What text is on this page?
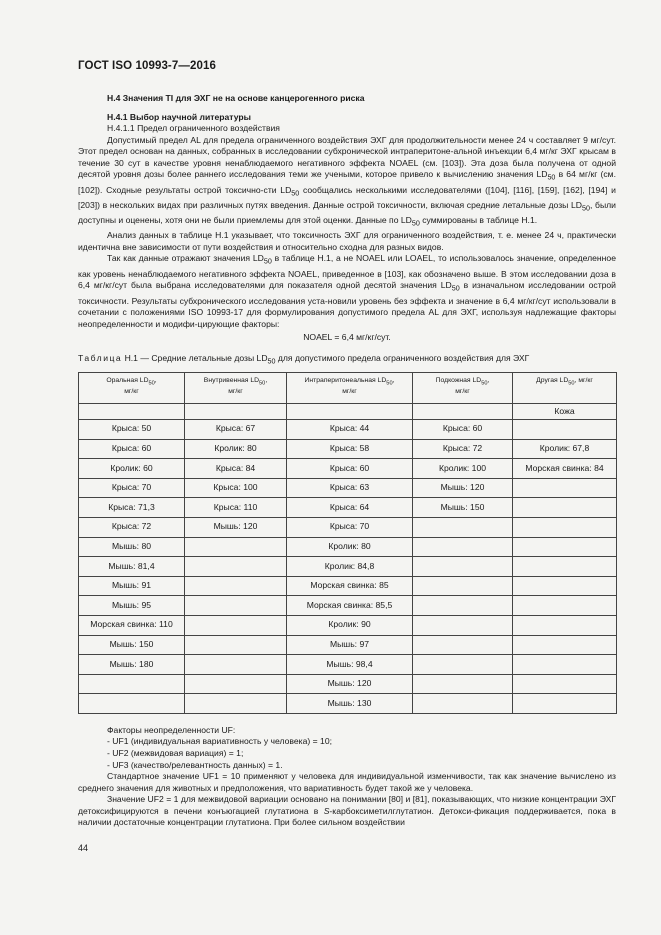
ГОСТ ISO 10993-7—2016

Н.4 Значения TI для ЭХГ не на основе канцерогенного риска

Н.4.1 Выбор научной литературы

Н.4.1.1 Предел ограниченного воздействия

Допустимый предел AL для предела ограниченного воздействия ЭХГ для продолжительности менее 24 ч составляет 9 мг/сут. Этот предел основан на данных, собранных в исследовании субхронической интраперитоне-альной инъекции 6,4 мг/кг ЭХГ крысам в течение 30 сут в качестве уровня ненаблюдаемого негативного эффекта NOAEL (см. [103]). Эта доза была получена от одной десятой уровня дозы более раннего исследования теми же учеными, которое привело к вычислению значения $LD_{50}$ в 64 мг/кг (см. [102]). Сходные результаты острой токсично-сти $LD_{50}$ сообщались несколькими исследователями ([104], [116], [159], [162], [194] и [203]) в нескольких видах при различных путях введения. Данные острой токсичности, включая средние летальные дозы $LD_{50}$, были доступны и оценены, хотя они не были приемлемы для этой оценки. Данные по $LD_{50}$ суммированы в таблице Н.1.

Анализ данных в таблице Н.1 указывает, что токсичность ЭХГ для ограниченного воздействия, т. е. менее 24 ч, практически идентична вне зависимости от пути воздействия и относительно сходна для разных видов.

Так как данные отражают значения $LD_{50}$ в таблице Н.1, а не NOAEL или LOAEL, то использовалось значение, определенное как уровень ненаблюдаемого негативного эффекта NOAEL, приведенное в [103], как обозначено выше. В этом исследовании доза в 6,4 мг/кг/сут была выбрана исследователями для показателя одной десятой значения $LD_{50}$ в изначальном исследовании острой токсичности. Результаты субхронического исследования уста-новили уровень без эффекта и значение в 6,4 мг/кг/сут использовали в сочетании с положениями ISO 10993-17 для формулирования допустимого предела AL для ЭХГ, используя надлежащие факторы неопределенности и модифи-цирующие факторы:

NOAEL = 6,4 мг/кг/сут.

Таблица Н.1 — Средние летальные дозы $LD_{50}$ для допустимого предела ограниченного воздействия для ЭХГ

Оральная $LD_{50}$,
мг/кг	Внутривенная $LD_{50}$,
мг/кг	Интраперитонеальная $LD_{50}$,
мг/кг	Подкожная $LD_{50}$,
мг/кг	Другая $LD_{50}$, мг/кг
				Кожа
Крыса: 50	Крыса: 67	Крыса: 44	Крыса: 60	
Крыса: 60	Кролик: 80	Крыса: 58	Крыса: 72	Кролик: 67,8
Кролик: 60	Крыса: 84	Крыса: 60	Кролик: 100	Морская свинка: 84
Крыса: 70	Крыса: 100	Крыса: 63	Мышь: 120	
Крыса: 71,3	Крыса: 110	Крыса: 64	Мышь: 150	
Крыса: 72	Мышь: 120	Крыса: 70		
Мышь: 80		Кролик: 80		
Мышь: 81,4		Кролик: 84,8		
Мышь: 91		Морская свинка: 85		
Мышь: 95		Морская свинка: 85,5		
Морская свинка: 110		Кролик: 90		
Мышь: 150		Мышь: 97		
Мышь: 180		Мышь: 98,4		
		Мышь: 120		
		Мышь: 130		

Факторы неопределенности UF:

- UF1 (индивидуальная вариативность у человека) = 10;

- UF2 (межвидовая вариация) = 1;

- UF3 (качество/релевантность данных) = 1.

Стандартное значение UF1 = 10 применяют у человека для индивидуальной изменчивости, так как значение вычислено из среднего значения для животных и предположения, что вариативность будет такой же у человека.

Значение UF2 = 1 для межвидовой вариации основано на понимании [80] и [81], показывающих, что низкие концентрации ЭХГ детоксифицируются в печени конъюгацией глутатиона в S-карбоксиметилглутатион. Детокси-фикация поддерживается, пока в наличии достаточные концентрации глутатиона. При более сильном воздействии

44
